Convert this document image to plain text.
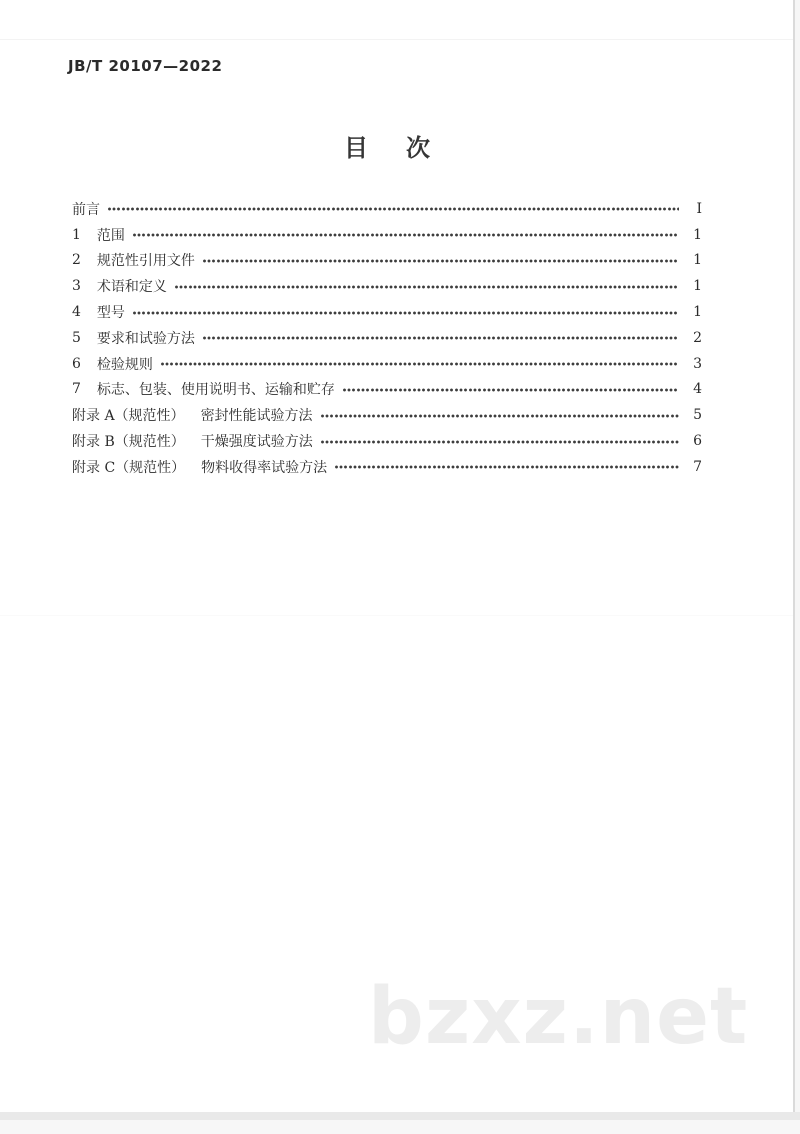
JB/T 20107—2022
目次
前言	I
1 范围	1
2 规范性引用文件	1
3 术语和定义	1
4 型号	1
5 要求和试验方法	2
6 检验规则	3
7 标志、包装、使用说明书、运输和贮存	4
附录 A（规范性） 密封性能试验方法	5
附录 B（规范性） 干燥强度试验方法	6
附录 C（规范性） 物料收得率试验方法	7
bzxz.net
